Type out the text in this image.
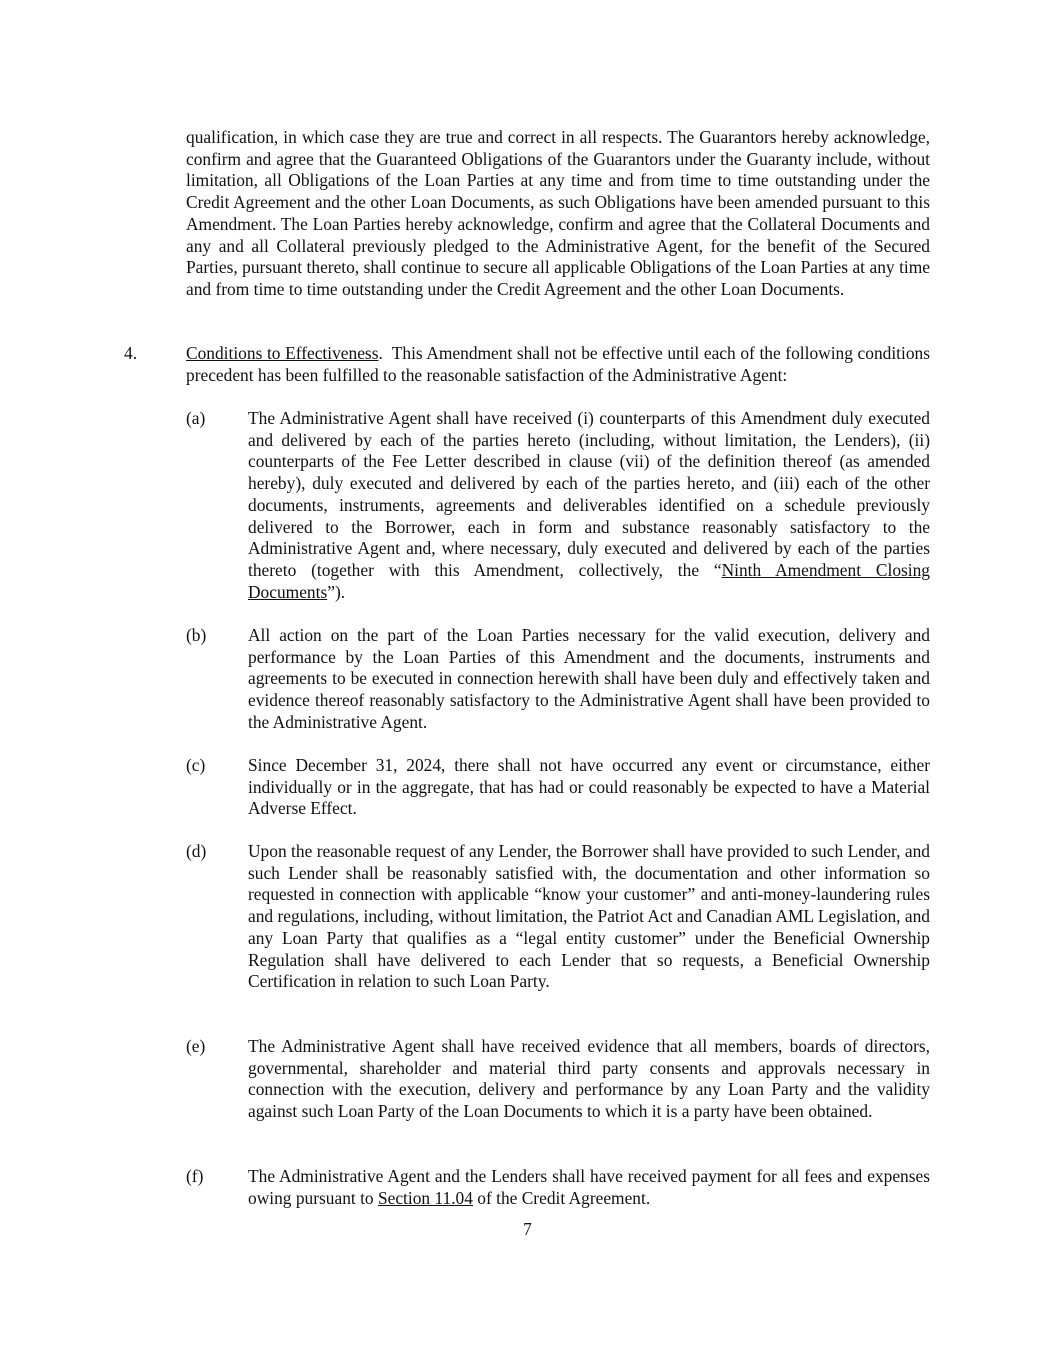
qualification, in which case they are true and correct in all respects. The Guarantors hereby acknowledge, confirm and agree that the Guaranteed Obligations of the Guarantors under the Guaranty include, without limitation, all Obligations of the Loan Parties at any time and from time to time outstanding under the Credit Agreement and the other Loan Documents, as such Obligations have been amended pursuant to this Amendment. The Loan Parties hereby acknowledge, confirm and agree that the Collateral Documents and any and all Collateral previously pledged to the Administrative Agent, for the benefit of the Secured Parties, pursuant thereto, shall continue to secure all applicable Obligations of the Loan Parties at any time and from time to time outstanding under the Credit Agreement and the other Loan Documents.

4.	Conditions to Effectiveness.  This Amendment shall not be effective until each of the following conditions precedent has been fulfilled to the reasonable satisfaction of the Administrative Agent:

(a) The Administrative Agent shall have received (i) counterparts of this Amendment duly executed and delivered by each of the parties hereto (including, without limitation, the Lenders), (ii) counterparts of the Fee Letter described in clause (vii) of the definition thereof (as amended hereby), duly executed and delivered by each of the parties hereto, and (iii) each of the other documents, instruments, agreements and deliverables identified on a schedule previously delivered to the Borrower, each in form and substance reasonably satisfactory to the Administrative Agent and, where necessary, duly executed and delivered by each of the parties thereto (together with this Amendment, collectively, the “Ninth Amendment Closing Documents”).

(b) All action on the part of the Loan Parties necessary for the valid execution, delivery and performance by the Loan Parties of this Amendment and the documents, instruments and agreements to be executed in connection herewith shall have been duly and effectively taken and evidence thereof reasonably satisfactory to the Administrative Agent shall have been provided to the Administrative Agent.

(c) Since December 31, 2024, there shall not have occurred any event or circumstance, either individually or in the aggregate, that has had or could reasonably be expected to have a Material Adverse Effect.

(d) Upon the reasonable request of any Lender, the Borrower shall have provided to such Lender, and such Lender shall be reasonably satisfied with, the documentation and other information so requested in connection with applicable “know your customer” and anti-money-laundering rules and regulations, including, without limitation, the Patriot Act and Canadian AML Legislation, and any Loan Party that qualifies as a “legal entity customer” under the Beneficial Ownership Regulation shall have delivered to each Lender that so requests, a Beneficial Ownership Certification in relation to such Loan Party.

(e) The Administrative Agent shall have received evidence that all members, boards of directors, governmental, shareholder and material third party consents and approvals necessary in connection with the execution, delivery and performance by any Loan Party and the validity against such Loan Party of the Loan Documents to which it is a party have been obtained.

(f)	The Administrative Agent and the Lenders shall have received payment for all fees and expenses owing pursuant to Section 11.04 of the Credit Agreement.

7
